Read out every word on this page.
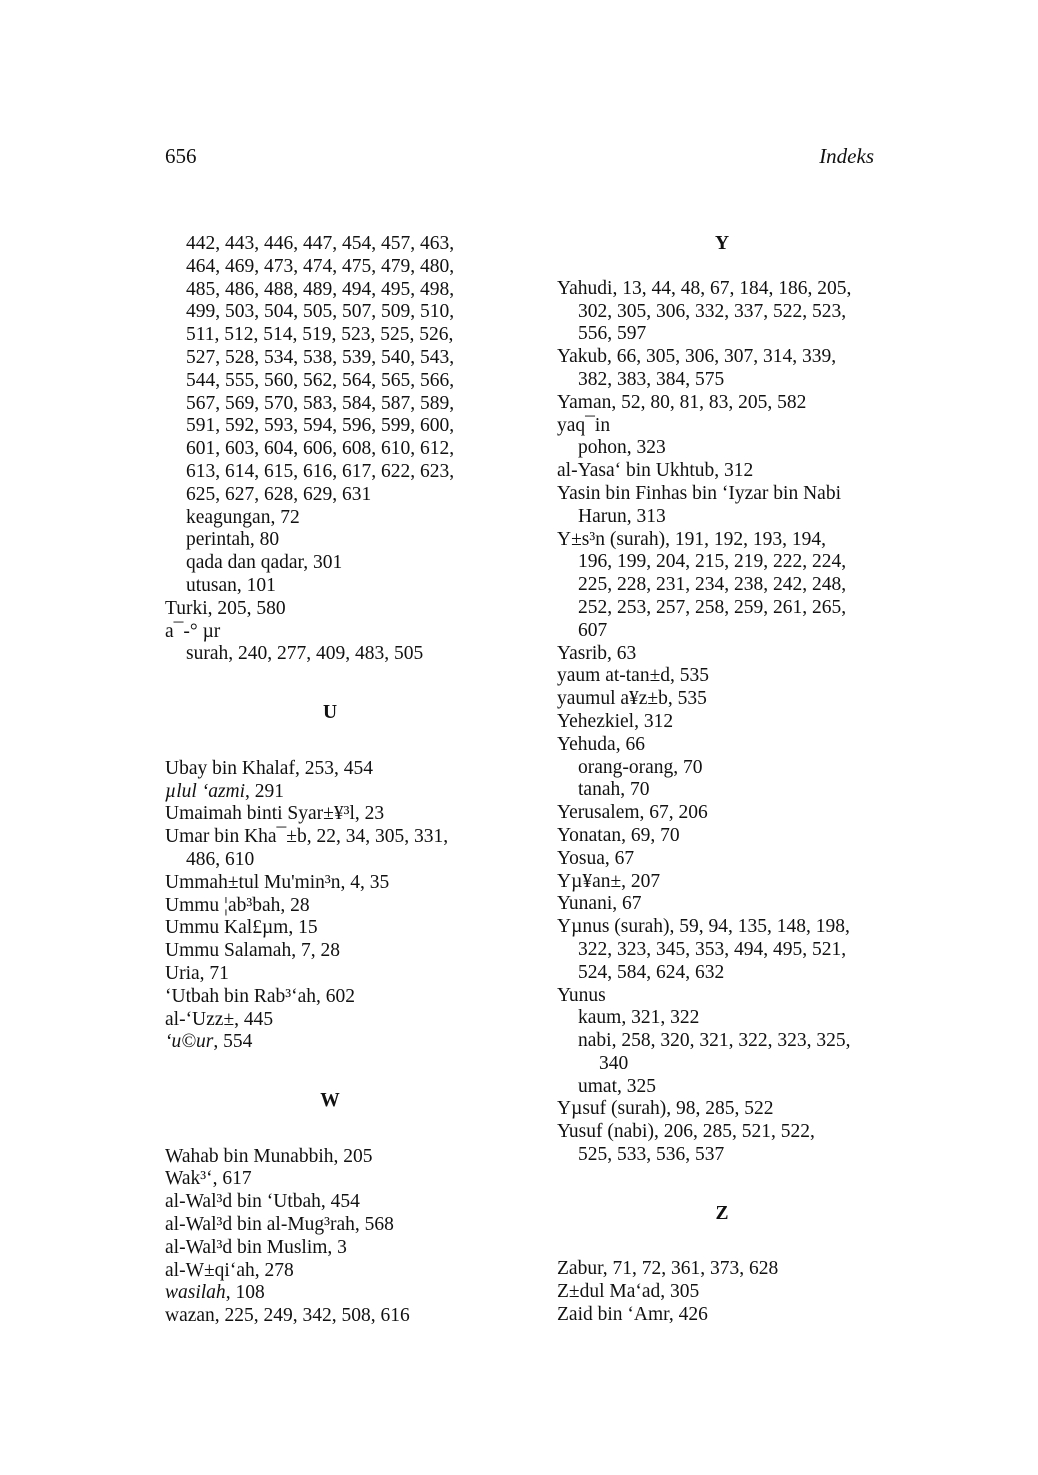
656	Indeks

442, 443, 446, 447, 454, 457, 463,

464, 469, 473, 474, 475, 479, 480,

485, 486, 488, 489, 494, 495, 498,

499, 503, 504, 505, 507, 509, 510,

511, 512, 514, 519, 523, 525, 526,

527, 528, 534, 538, 539, 540, 543,

544, 555, 560, 562, 564, 565, 566,

567, 569, 570, 583, 584, 587, 589,

591, 592, 593, 594, 596, 599, 600,

601, 603, 604, 606, 608, 610, 612,

613, 614, 615, 616, 617, 622, 623,

625, 627, 628, 629, 631

keagungan, 72

perintah, 80

qada dan qadar, 301

utusan, 101

Turki, 205, 580

a¯-° µr

surah, 240, 277, 409, 483, 505

U

Ubay bin Khalaf, 253, 454

µlul ‘azmi, 291

Umaimah binti Syar±¥³l, 23

Umar bin Kha¯±b, 22, 34, 305, 331,

486, 610

Ummah±tul Mu'min³n, 4, 35

Ummu ¦ab³bah, 28

Ummu Kal£µm, 15

Ummu Salamah, 7, 28

Uria, 71

‘Utbah bin Rab³‘ah, 602

al-‘Uzz±, 445

‘u©ur, 554

W

Wahab bin Munabbih, 205

Wak³‘, 617

al-Wal³d bin ‘Utbah, 454

al-Wal³d bin al-Mug³rah, 568

al-Wal³d bin Muslim, 3

al-W±qi‘ah, 278

wasilah, 108

wazan, 225, 249, 342, 508, 616

Y

Yahudi, 13, 44, 48, 67, 184, 186, 205,

302, 305, 306, 332, 337, 522, 523,

556, 597

Yakub, 66, 305, 306, 307, 314, 339,

382, 383, 384, 575

Yaman, 52, 80, 81, 83, 205, 582

yaq¯in

pohon, 323

al-Yasa‘ bin Ukhtub, 312

Yasin bin Finhas bin ‘Iyzar bin Nabi

Harun, 313

Y±s³n (surah), 191, 192, 193, 194,

196, 199, 204, 215, 219, 222, 224,

225, 228, 231, 234, 238, 242, 248,

252, 253, 257, 258, 259, 261, 265,

607

Yasrib, 63

yaum at-tan±d, 535

yaumul a¥z±b, 535

Yehezkiel, 312

Yehuda, 66

orang-orang, 70

tanah, 70

Yerusalem, 67, 206

Yonatan, 69, 70

Yosua, 67

Yµ¥an±, 207

Yunani, 67

Yµnus (surah), 59, 94, 135, 148, 198,

322, 323, 345, 353, 494, 495, 521,

524, 584, 624, 632

Yunus

kaum, 321, 322

nabi, 258, 320, 321, 322, 323, 325,

340

umat, 325

Yµsuf (surah), 98, 285, 522

Yusuf (nabi), 206, 285, 521, 522,

525, 533, 536, 537

Z

Zabur, 71, 72, 361, 373, 628

Z±dul Ma‘ad, 305

Zaid bin ‘Amr, 426
